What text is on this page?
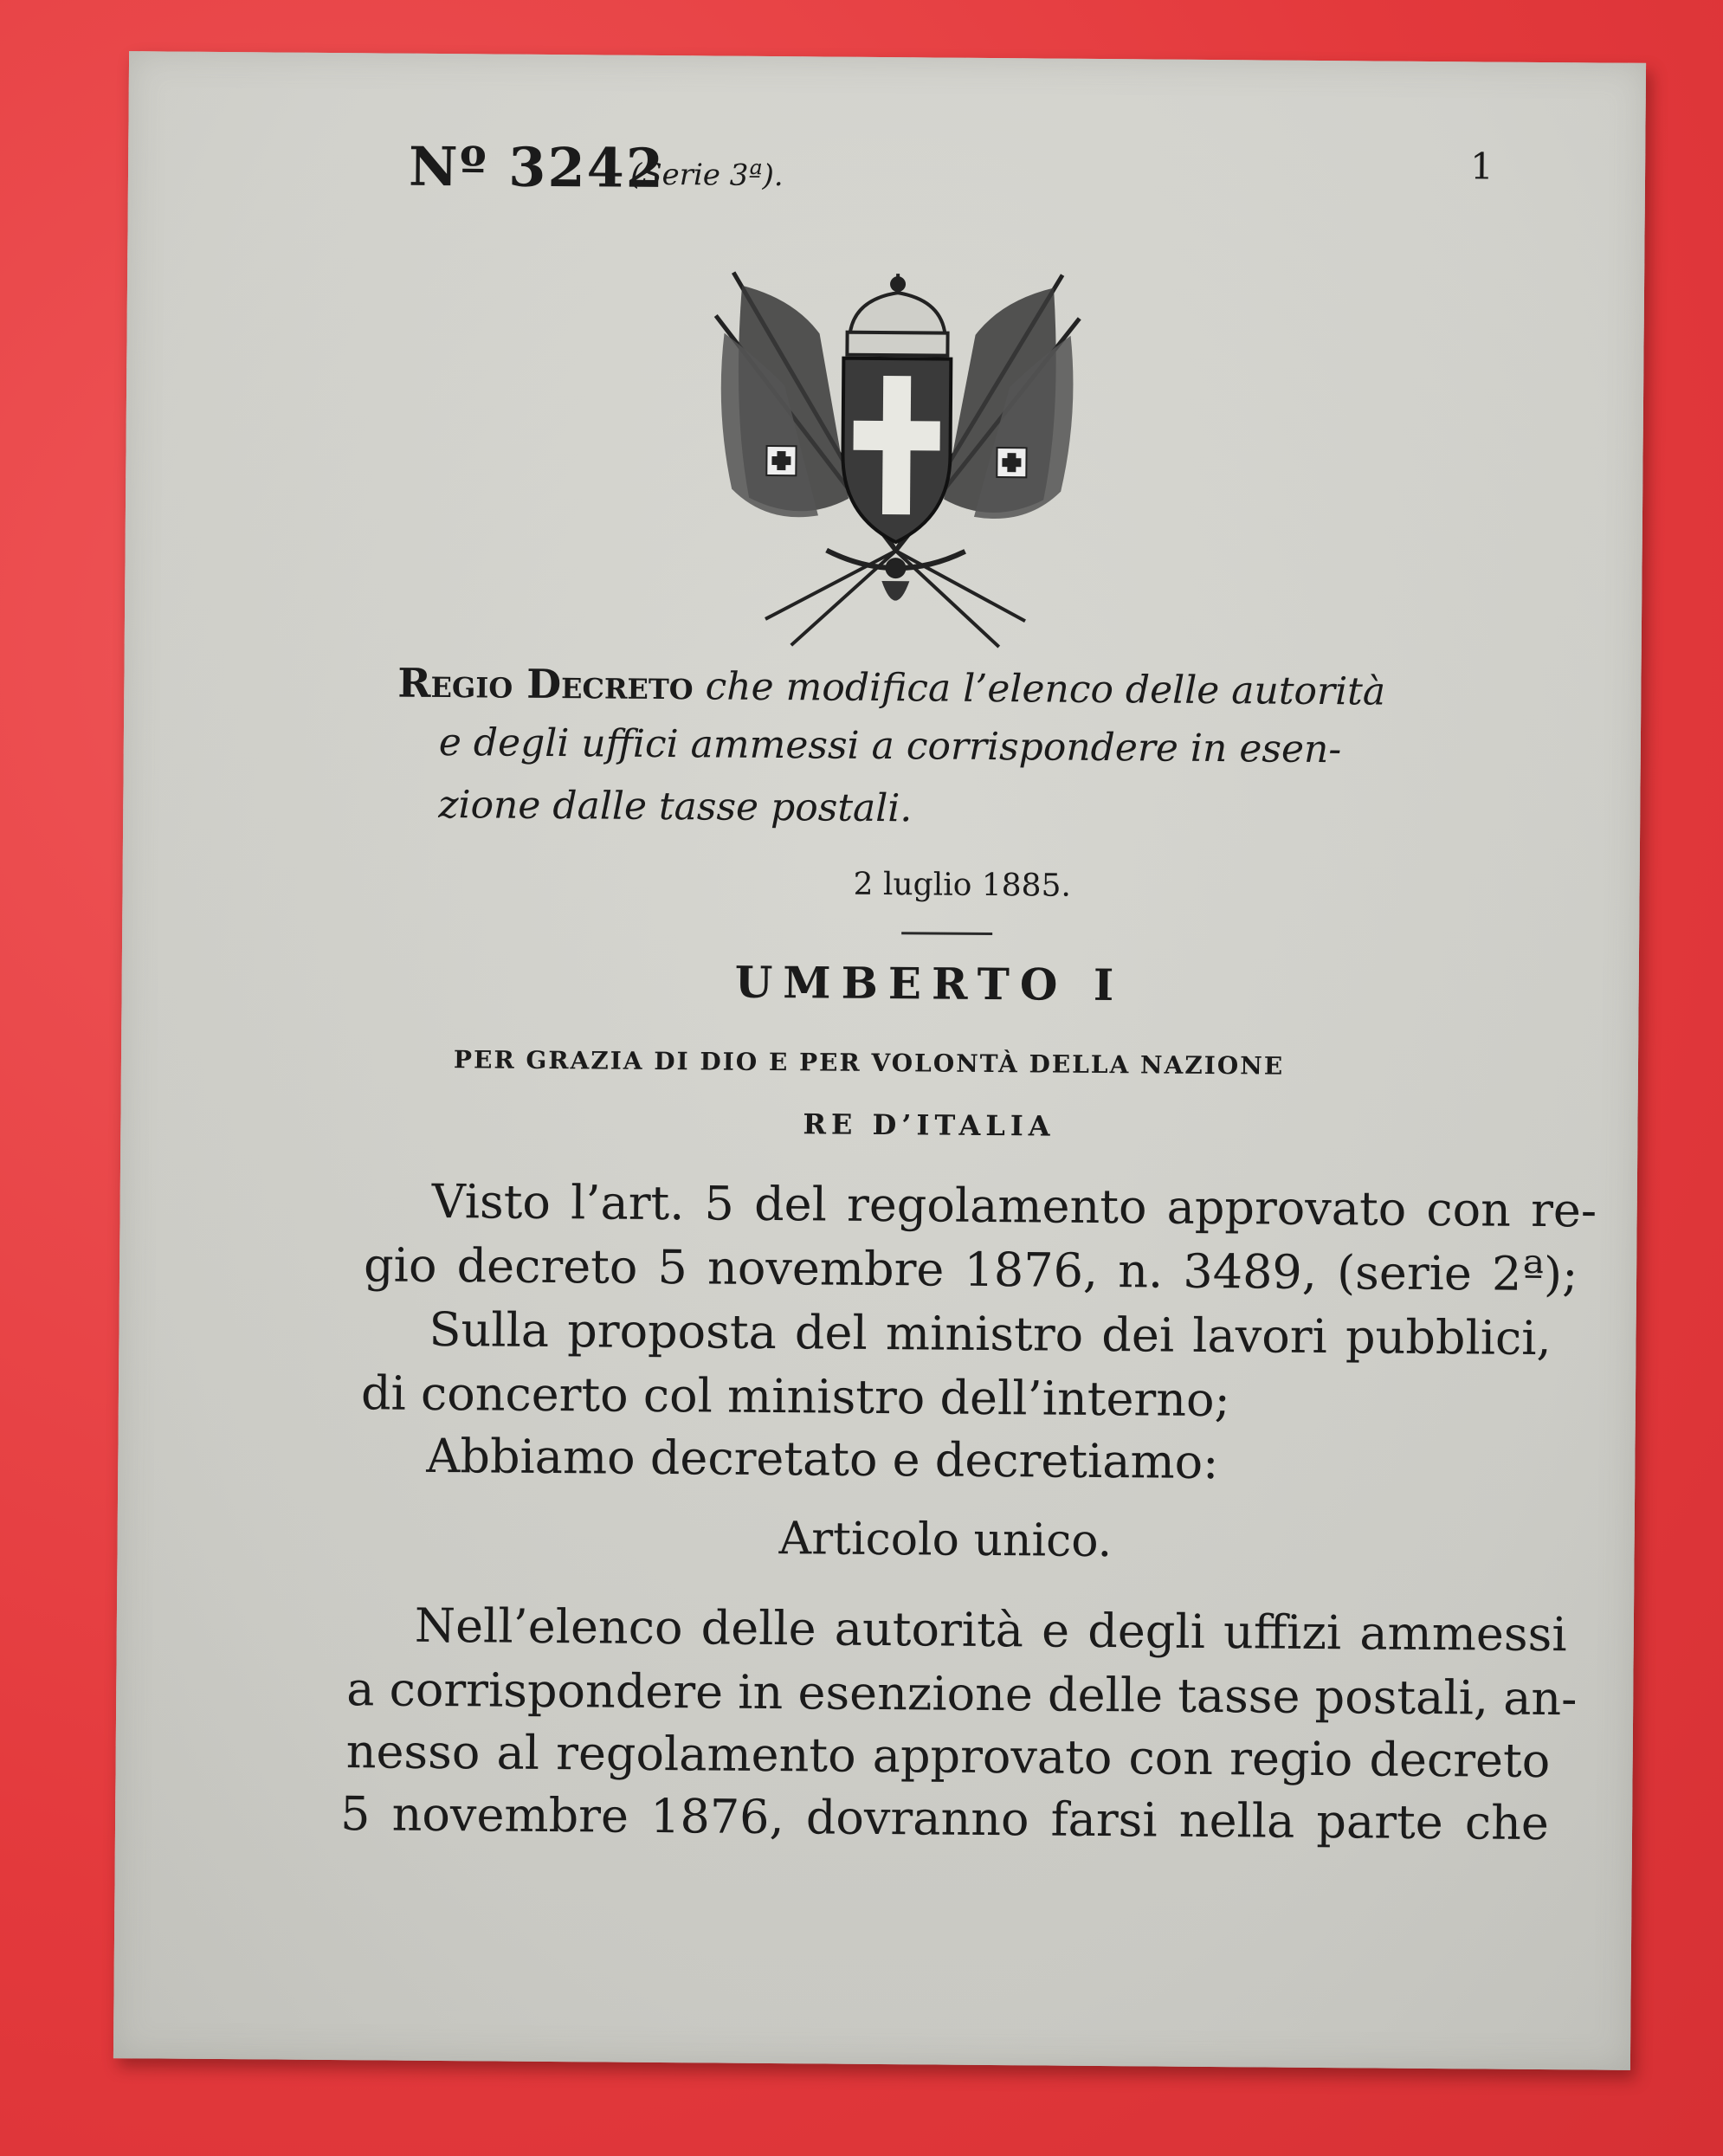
Nº 3242
(Serie 3ª).	1
Regio Decreto che modifica l’elenco delle autorità
e degli uffici ammessi a corrispondere in esen-
zione dalle tasse postali.
2 luglio 1885.
UMBERTO I
PER GRAZIA DI DIO E PER VOLONTÀ DELLA NAZIONE
RE D’ITALIA
Visto l’art. 5 del regolamento approvato con re-
gio decreto 5 novembre 1876, n. 3489, (serie 2ª);
Sulla proposta del ministro dei lavori pubblici,
di concerto col ministro dell’interno;
Abbiamo decretato e decretiamo:
Articolo unico.
Nell’elenco delle autorità e degli uffizi ammessi
a corrispondere in esenzione delle tasse postali, an-
nesso al regolamento approvato con regio decreto
5 novembre 1876, dovranno farsi nella parte che
